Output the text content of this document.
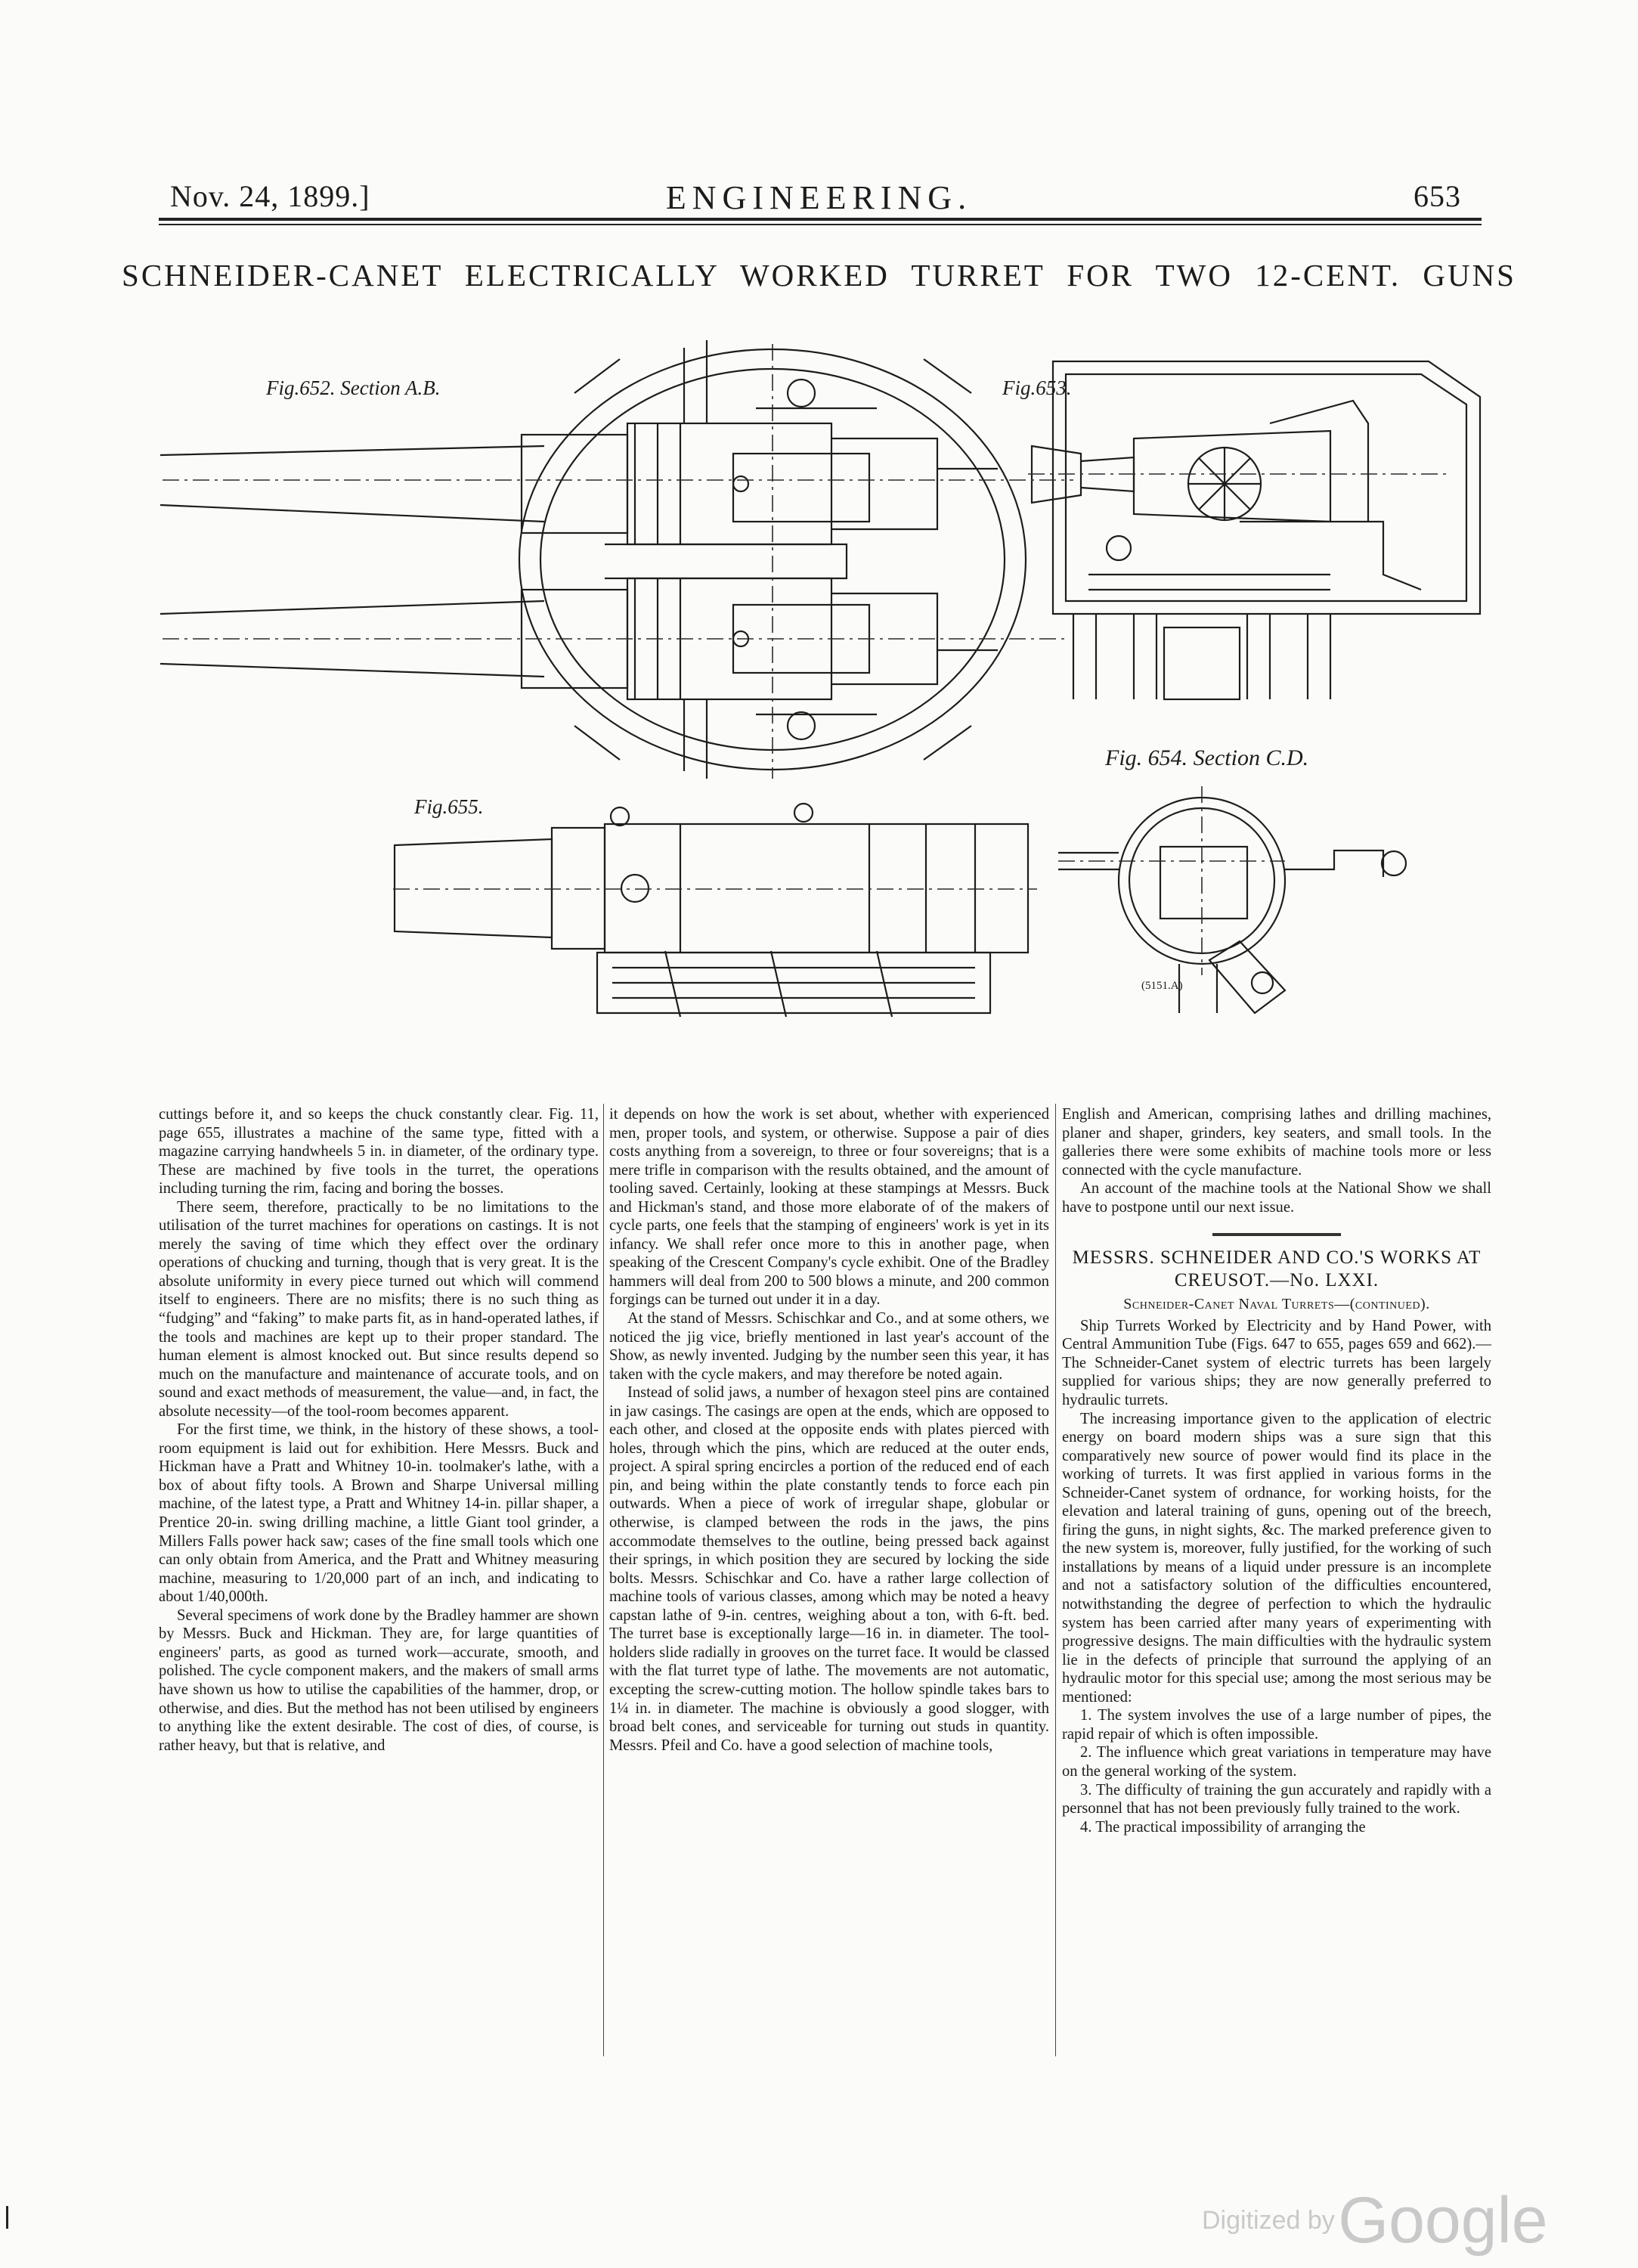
Nov. 24, 1899.]	ENGINEERING.	653
SCHNEIDER-CANET ELECTRICALLY WORKED TURRET FOR TWO 12-CENT. GUNS
Fig.652. Section A.B.	Fig.653.
Fig. 654. Section C.D.
Fig.655.
(5151.A)

cuttings before it, and so keeps the chuck constantly clear. Fig. 11, page 655, illustrates a machine of the same type, fitted with a magazine carrying handwheels 5 in. in diameter, of the ordinary type. These are machined by five tools in the turret, the operations including turning the rim, facing and boring the bosses.

There seem, therefore, practically to be no limitations to the utilisation of the turret machines for operations on castings. It is not merely the saving of time which they effect over the ordinary operations of chucking and turning, though that is very great. It is the absolute uniformity in every piece turned out which will commend itself to engineers. There are no misfits; there is no such thing as “fudging” and “faking” to make parts fit, as in hand-operated lathes, if the tools and machines are kept up to their proper standard. The human element is almost knocked out. But since results depend so much on the manufacture and maintenance of accurate tools, and on sound and exact methods of measurement, the value—and, in fact, the absolute necessity—of the tool-room becomes apparent.

For the first time, we think, in the history of these shows, a tool-room equipment is laid out for exhibition. Here Messrs. Buck and Hickman have a Pratt and Whitney 10-in. toolmaker's lathe, with a box of about fifty tools. A Brown and Sharpe Universal milling machine, of the latest type, a Pratt and Whitney 14-in. pillar shaper, a Prentice 20-in. swing drilling machine, a little Giant tool grinder, a Millers Falls power hack saw; cases of the fine small tools which one can only obtain from America, and the Pratt and Whitney measuring machine, measuring to 1/20,000 part of an inch, and indicating to about 1/40,000th.

Several specimens of work done by the Bradley hammer are shown by Messrs. Buck and Hickman. They are, for large quantities of engineers' parts, as good as turned work—accurate, smooth, and polished. The cycle component makers, and the makers of small arms have shown us how to utilise the capabilities of the hammer, drop, or otherwise, and dies. But the method has not been utilised by engineers to anything like the extent desirable. The cost of dies, of course, is rather heavy, but that is relative, and

it depends on how the work is set about, whether with experienced men, proper tools, and system, or otherwise. Suppose a pair of dies costs anything from a sovereign, to three or four sovereigns; that is a mere trifle in comparison with the results obtained, and the amount of tooling saved. Certainly, looking at these stampings at Messrs. Buck and Hickman's stand, and those more elaborate of of the makers of cycle parts, one feels that the stamping of engineers' work is yet in its infancy. We shall refer once more to this in another page, when speaking of the Crescent Company's cycle exhibit. One of the Bradley hammers will deal from 200 to 500 blows a minute, and 200 common forgings can be turned out under it in a day.

At the stand of Messrs. Schischkar and Co., and at some others, we noticed the jig vice, briefly mentioned in last year's account of the Show, as newly invented. Judging by the number seen this year, it has taken with the cycle makers, and may therefore be noted again.

Instead of solid jaws, a number of hexagon steel pins are contained in jaw casings. The casings are open at the ends, which are opposed to each other, and closed at the opposite ends with plates pierced with holes, through which the pins, which are reduced at the outer ends, project. A spiral spring encircles a portion of the reduced end of each pin, and being within the plate constantly tends to force each pin outwards. When a piece of work of irregular shape, globular or otherwise, is clamped between the rods in the jaws, the pins accommodate themselves to the outline, being pressed back against their springs, in which position they are secured by locking the side bolts. Messrs. Schischkar and Co. have a rather large collection of machine tools of various classes, among which may be noted a heavy capstan lathe of 9-in. centres, weighing about a ton, with 6-ft. bed. The turret base is exceptionally large—16 in. in diameter. The tool-holders slide radially in grooves on the turret face. It would be classed with the flat turret type of lathe. The movements are not automatic, excepting the screw-cutting motion. The hollow spindle takes bars to 1¼ in. in diameter. The machine is obviously a good slogger, with broad belt cones, and serviceable for turning out studs in quantity. Messrs. Pfeil and Co. have a good selection of machine tools,

English and American, comprising lathes and drilling machines, planer and shaper, grinders, key seaters, and small tools. In the galleries there were some exhibits of machine tools more or less connected with the cycle manufacture.

An account of the machine tools at the National Show we shall have to postpone until our next issue.

MESSRS. SCHNEIDER AND CO.'S WORKS AT CREUSOT.—No. LXXI.
Schneider-Canet Naval Turrets—(continued).

Ship Turrets Worked by Electricity and by Hand Power, with Central Ammunition Tube (Figs. 647 to 655, pages 659 and 662).—The Schneider-Canet system of electric turrets has been largely supplied for various ships; they are now generally preferred to hydraulic turrets.

The increasing importance given to the application of electric energy on board modern ships was a sure sign that this comparatively new source of power would find its place in the working of turrets. It was first applied in various forms in the Schneider-Canet system of ordnance, for working hoists, for the elevation and lateral training of guns, opening out of the breech, firing the guns, in night sights, &c. The marked preference given to the new system is, moreover, fully justified, for the working of such installations by means of a liquid under pressure is an incomplete and not a satisfactory solution of the difficulties encountered, notwithstanding the degree of perfection to which the hydraulic system has been carried after many years of experimenting with progressive designs. The main difficulties with the hydraulic system lie in the defects of principle that surround the applying of an hydraulic motor for this special use; among the most serious may be mentioned:

1. The system involves the use of a large number of pipes, the rapid repair of which is often impossible.

2. The influence which great variations in temperature may have on the general working of the system.

3. The difficulty of training the gun accurately and rapidly with a personnel that has not been previously fully trained to the work.

4. The practical impossibility of arranging the

Digitized by Google
